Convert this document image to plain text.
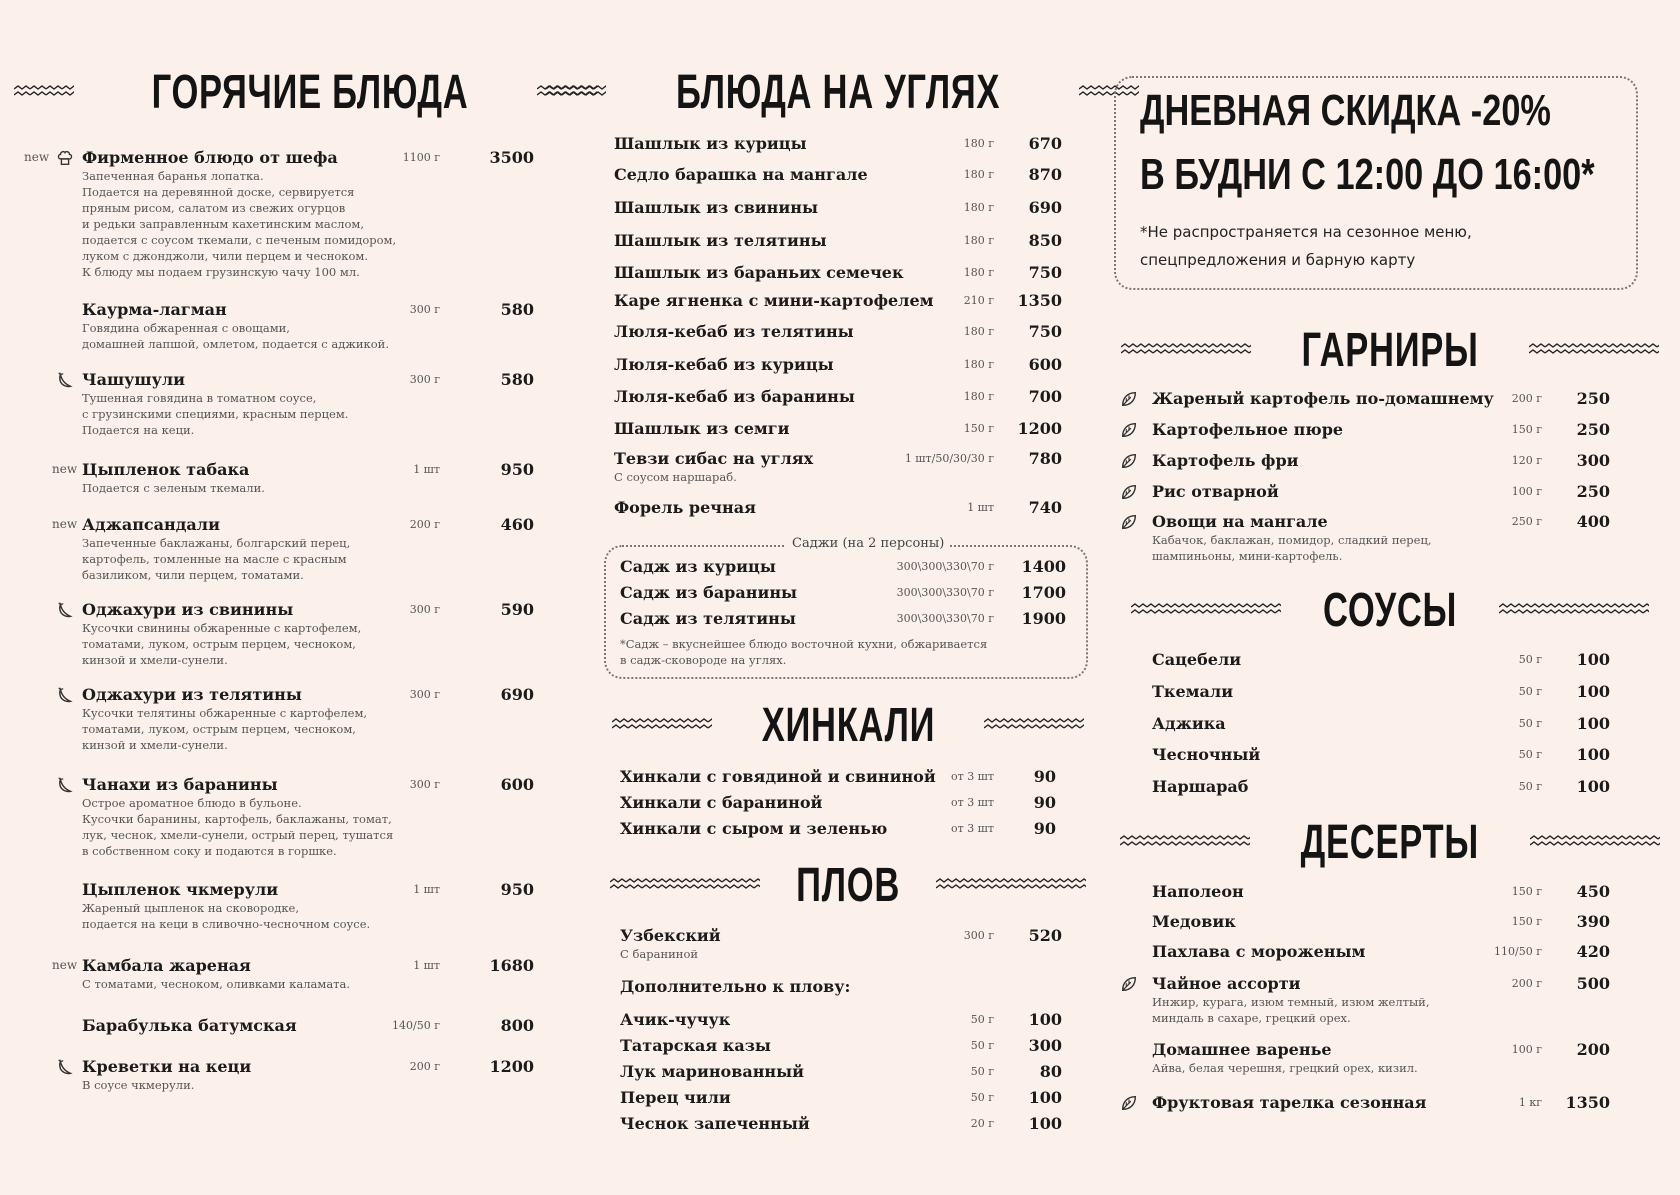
ГОРЯЧИЕ БЛЮДА
new Фирменное блюдо от шефа	1100 г	3500
Запеченная баранья лопатка.
Подается на деревянной доске, сервируется
пряным рисом, салатом из свежих огурцов
и редьки заправленным кахетинским маслом,
подается с соусом ткемали, с печеным помидором,
луком с джонджоли, чили перцем и чесноком.
К блюду мы подаем грузинскую чачу 100 мл.
Каурма-лагман	300 г	580
Говядина обжаренная с овощами,
домашней лапшой, омлетом, подается с аджикой.
Чашушули	300 г	580
Тушенная говядина в томатном соусе,
с грузинскими специями, красным перцем.
Подается на кеци.
new Цыпленок табака	1 шт	950
Подается с зеленым ткемали.
new Аджапсандали	200 г	460
Запеченные баклажаны, болгарский перец,
картофель, томленные на масле с красным
базиликом, чили перцем, томатами.
Оджахури из свинины	300 г	590
Кусочки свинины обжаренные с картофелем,
томатами, луком, острым перцем, чесноком,
кинзой и хмели-сунели.
Оджахури из телятины	300 г	690
Кусочки телятины обжаренные с картофелем,
томатами, луком, острым перцем, чесноком,
кинзой и хмели-сунели.
Чанахи из баранины	300 г	600
Острое ароматное блюдо в бульоне.
Кусочки баранины, картофель, баклажаны, томат,
лук, чеснок, хмели-сунели, острый перец, тушатся
в собственном соку и подаются в горшке.
Цыпленок чкмерули	1 шт	950
Жареный цыпленок на сковородке,
подается на кеци в сливочно-чесночном соусе.
new Камбала жареная	1 шт	1680
С томатами, чесноком, оливками каламата.
Барабулька батумская	140/50 г	800
Креветки на кеци	200 г	1200
В соусе чкмерули.
БЛЮДА НА УГЛЯХ
Шашлык из курицы	180 г	670
Седло барашка на мангале	180 г	870
Шашлык из свинины	180 г	690
Шашлык из телятины	180 г	850
Шашлык из бараньих семечек	180 г	750
Каре ягненка с мини-картофелем	210 г	1350
Люля-кебаб из телятины	180 г	750
Люля-кебаб из курицы	180 г	600
Люля-кебаб из баранины	180 г	700
Шашлык из семги	150 г	1200
Тевзи сибас на углях	1 шт/50/30/30 г	780
С соусом наршараб.
Форель речная	1 шт	740
Саджи (на 2 персоны)
Садж из курицы	300\300\330\70 г	1400
Садж из баранины	300\300\330\70 г	1700
Садж из телятины	300\300\330\70 г	1900
*Садж – вкуснейшее блюдо восточной кухни, обжаривается
в садж-сковороде на углях.
ХИНКАЛИ
Хинкали с говядиной и свининой	от 3 шт	90
Хинкали с бараниной	от 3 шт	90
Хинкали с сыром и зеленью	от 3 шт	90
ПЛОВ
Узбекский	300 г	520
С бараниной
Дополнительно к плову:
Ачик-чучук	50 г	100
Татарская казы	50 г	300
Лук маринованный	50 г	80
Перец чили	50 г	100
Чеснок запеченный	20 г	100
ДНЕВНАЯ СКИДКА -20%
В БУДНИ С 12:00 ДО 16:00*
*Не распространяется на сезонное меню,
спецпредложения и барную карту
ГАРНИРЫ
Жареный картофель по-домашнему	200 г	250
Картофельное пюре	150 г	250
Картофель фри	120 г	300
Рис отварной	100 г	250
Овощи на мангале	250 г	400
Кабачок, баклажан, помидор, сладкий перец,
шампиньоны, мини-картофель.
СОУСЫ
Сацебели	50 г	100
Ткемали	50 г	100
Аджика	50 г	100
Чесночный	50 г	100
Наршараб	50 г	100
ДЕСЕРТЫ
Наполеон	150 г	450
Медовик	150 г	390
Пахлава с мороженым	110/50 г	420
Чайное ассорти	200 г	500
Инжир, курага, изюм темный, изюм желтый,
миндаль в сахаре, грецкий орех.
Домашнее варенье	100 г	200
Айва, белая черешня, грецкий орех, кизил.
Фруктовая тарелка сезонная	1 кг	1350
